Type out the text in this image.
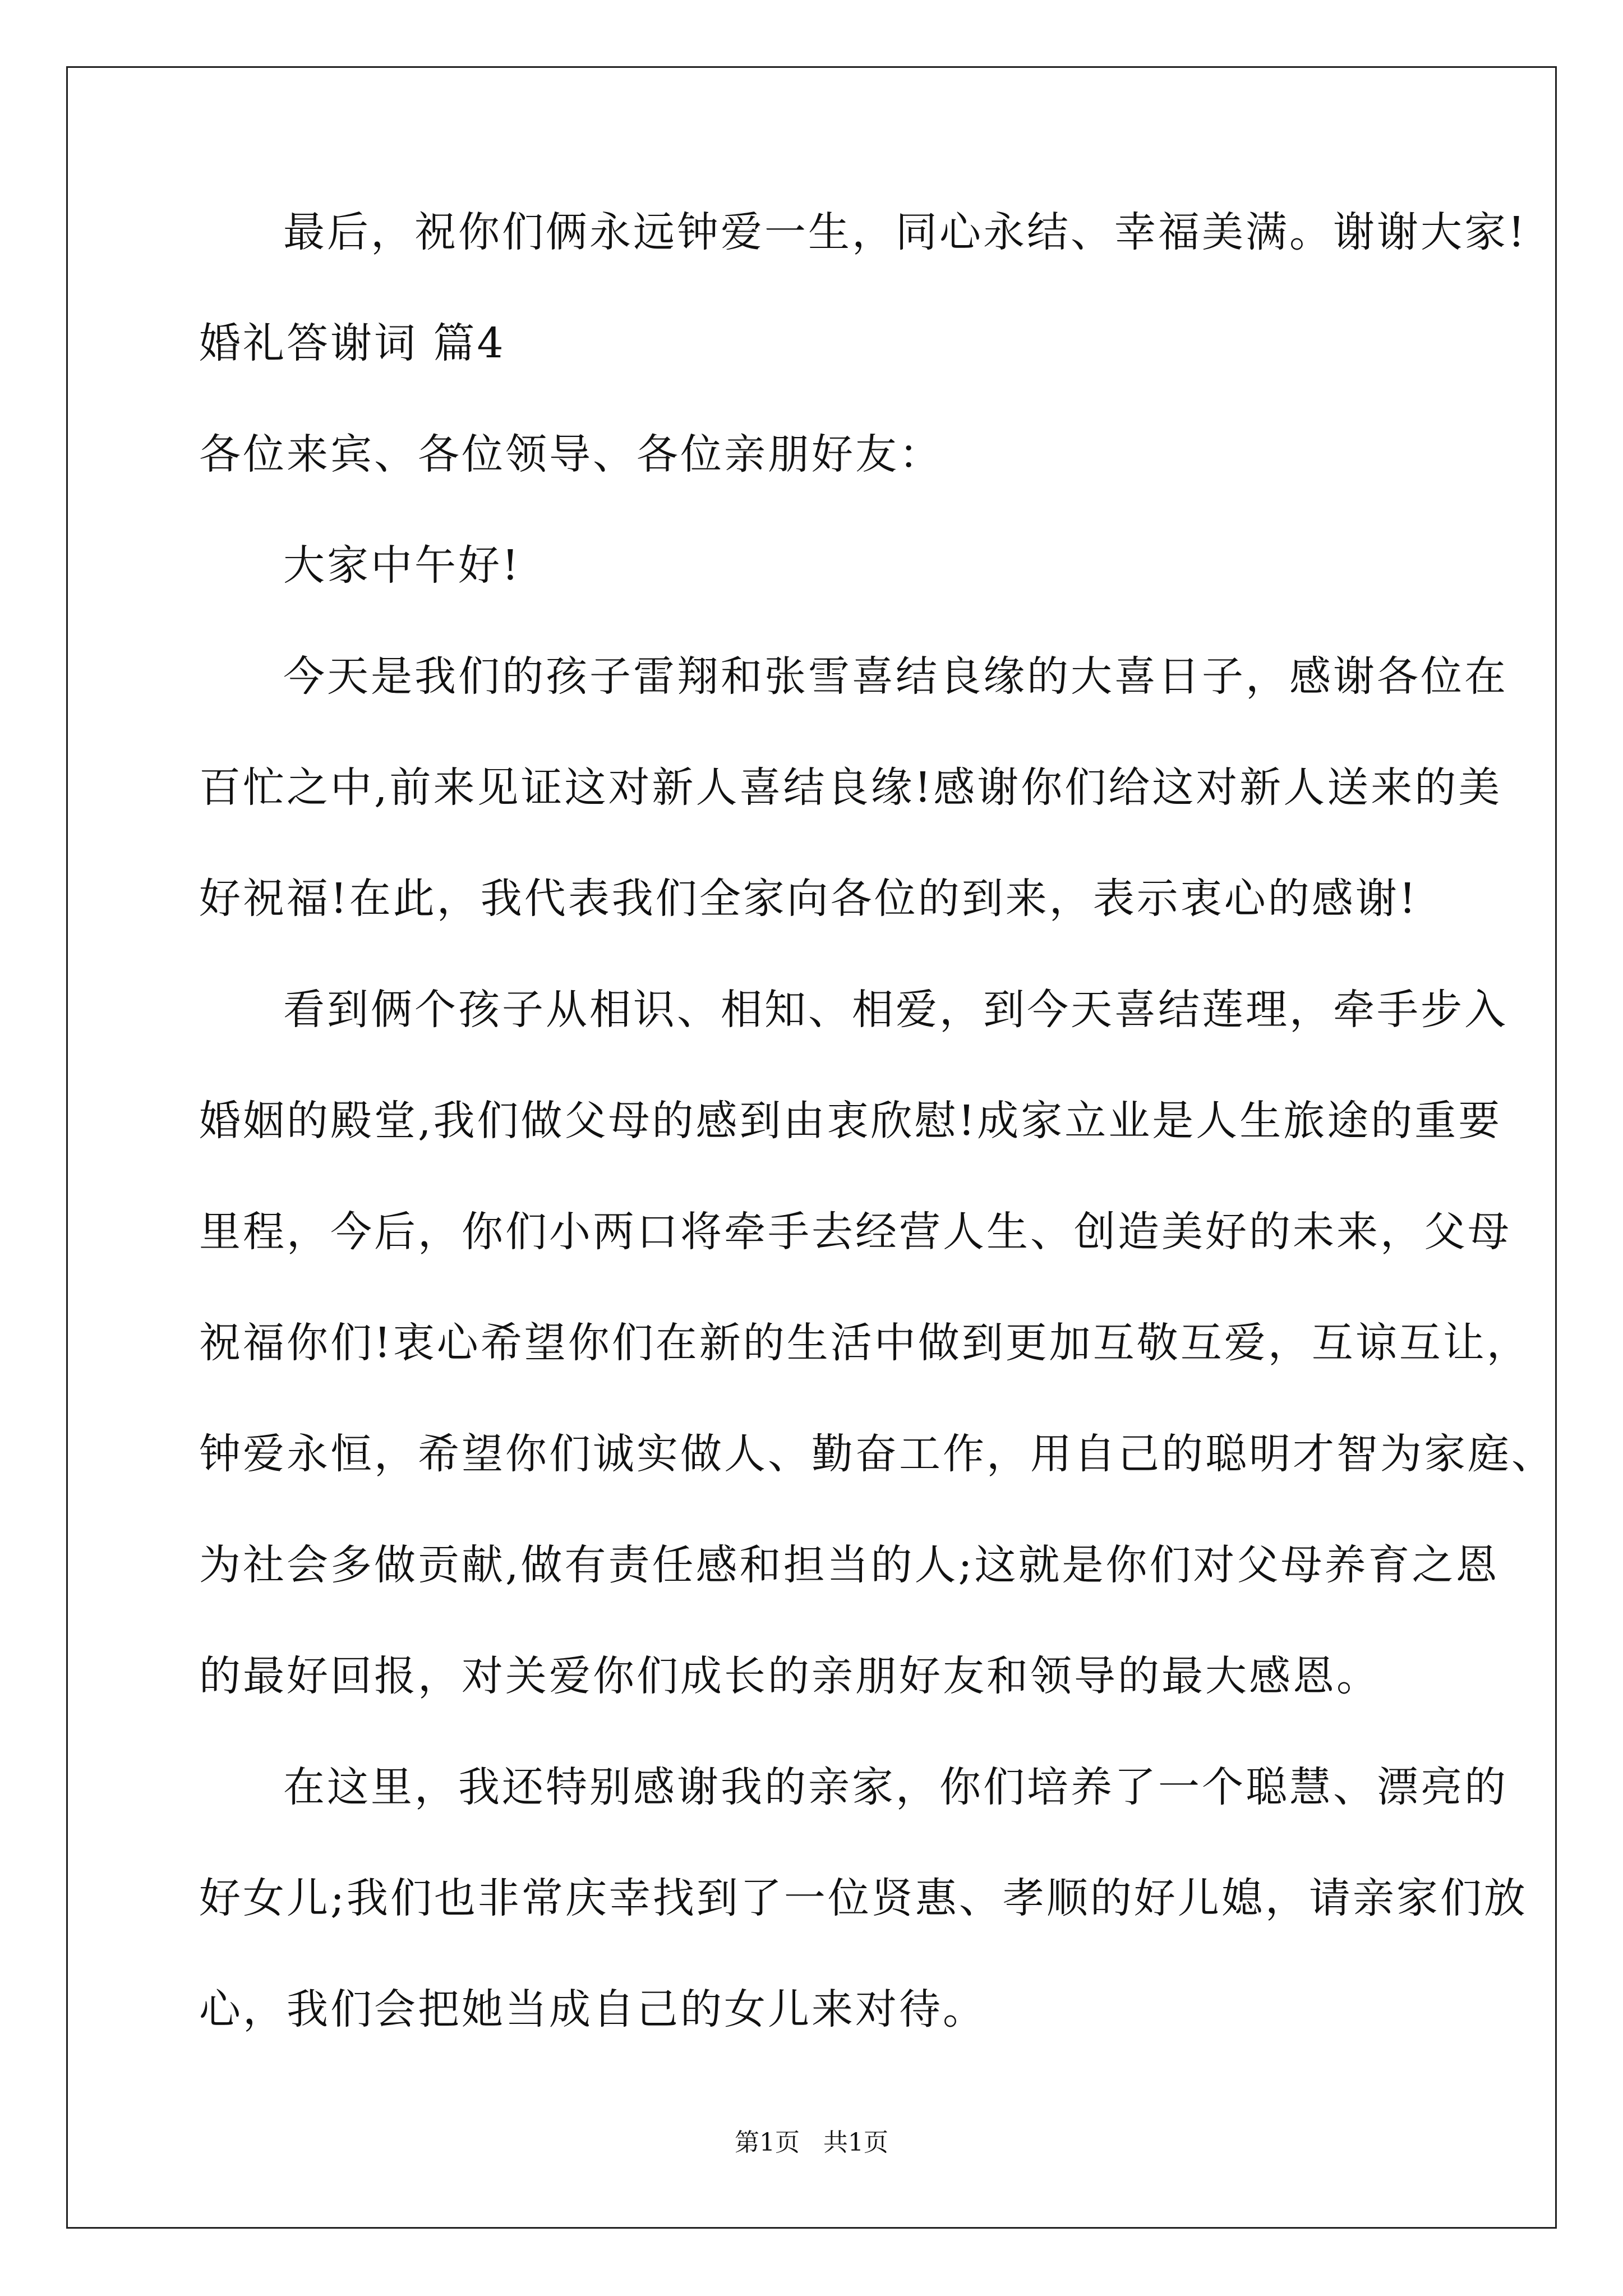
最后，祝你们俩永远钟爱一生，同心永结、幸福美满。谢谢大家!

婚礼答谢词 篇4

各位来宾、各位领导、各位亲朋好友：

大家中午好!

今天是我们的孩子雷翔和张雪喜结良缘的大喜日子，感谢各位在

百忙之中,前来见证这对新人喜结良缘!感谢你们给这对新人送来的美

好祝福!在此，我代表我们全家向各位的到来，表示衷心的感谢!

看到俩个孩子从相识、相知、相爱，到今天喜结莲理，牵手步入

婚姻的殿堂,我们做父母的感到由衷欣慰!成家立业是人生旅途的重要

里程，今后，你们小两口将牵手去经营人生、创造美好的未来，父母

祝福你们!衷心希望你们在新的生活中做到更加互敬互爱，互谅互让，

钟爱永恒，希望你们诚实做人、勤奋工作，用自己的聪明才智为家庭、

为社会多做贡献,做有责任感和担当的人;这就是你们对父母养育之恩

的最好回报，对关爱你们成长的亲朋好友和领导的最大感恩。

在这里，我还特别感谢我的亲家，你们培养了一个聪慧、漂亮的

好女儿;我们也非常庆幸找到了一位贤惠、孝顺的好儿媳，请亲家们放

心，我们会把她当成自己的女儿来对待。

第1页 共1页
